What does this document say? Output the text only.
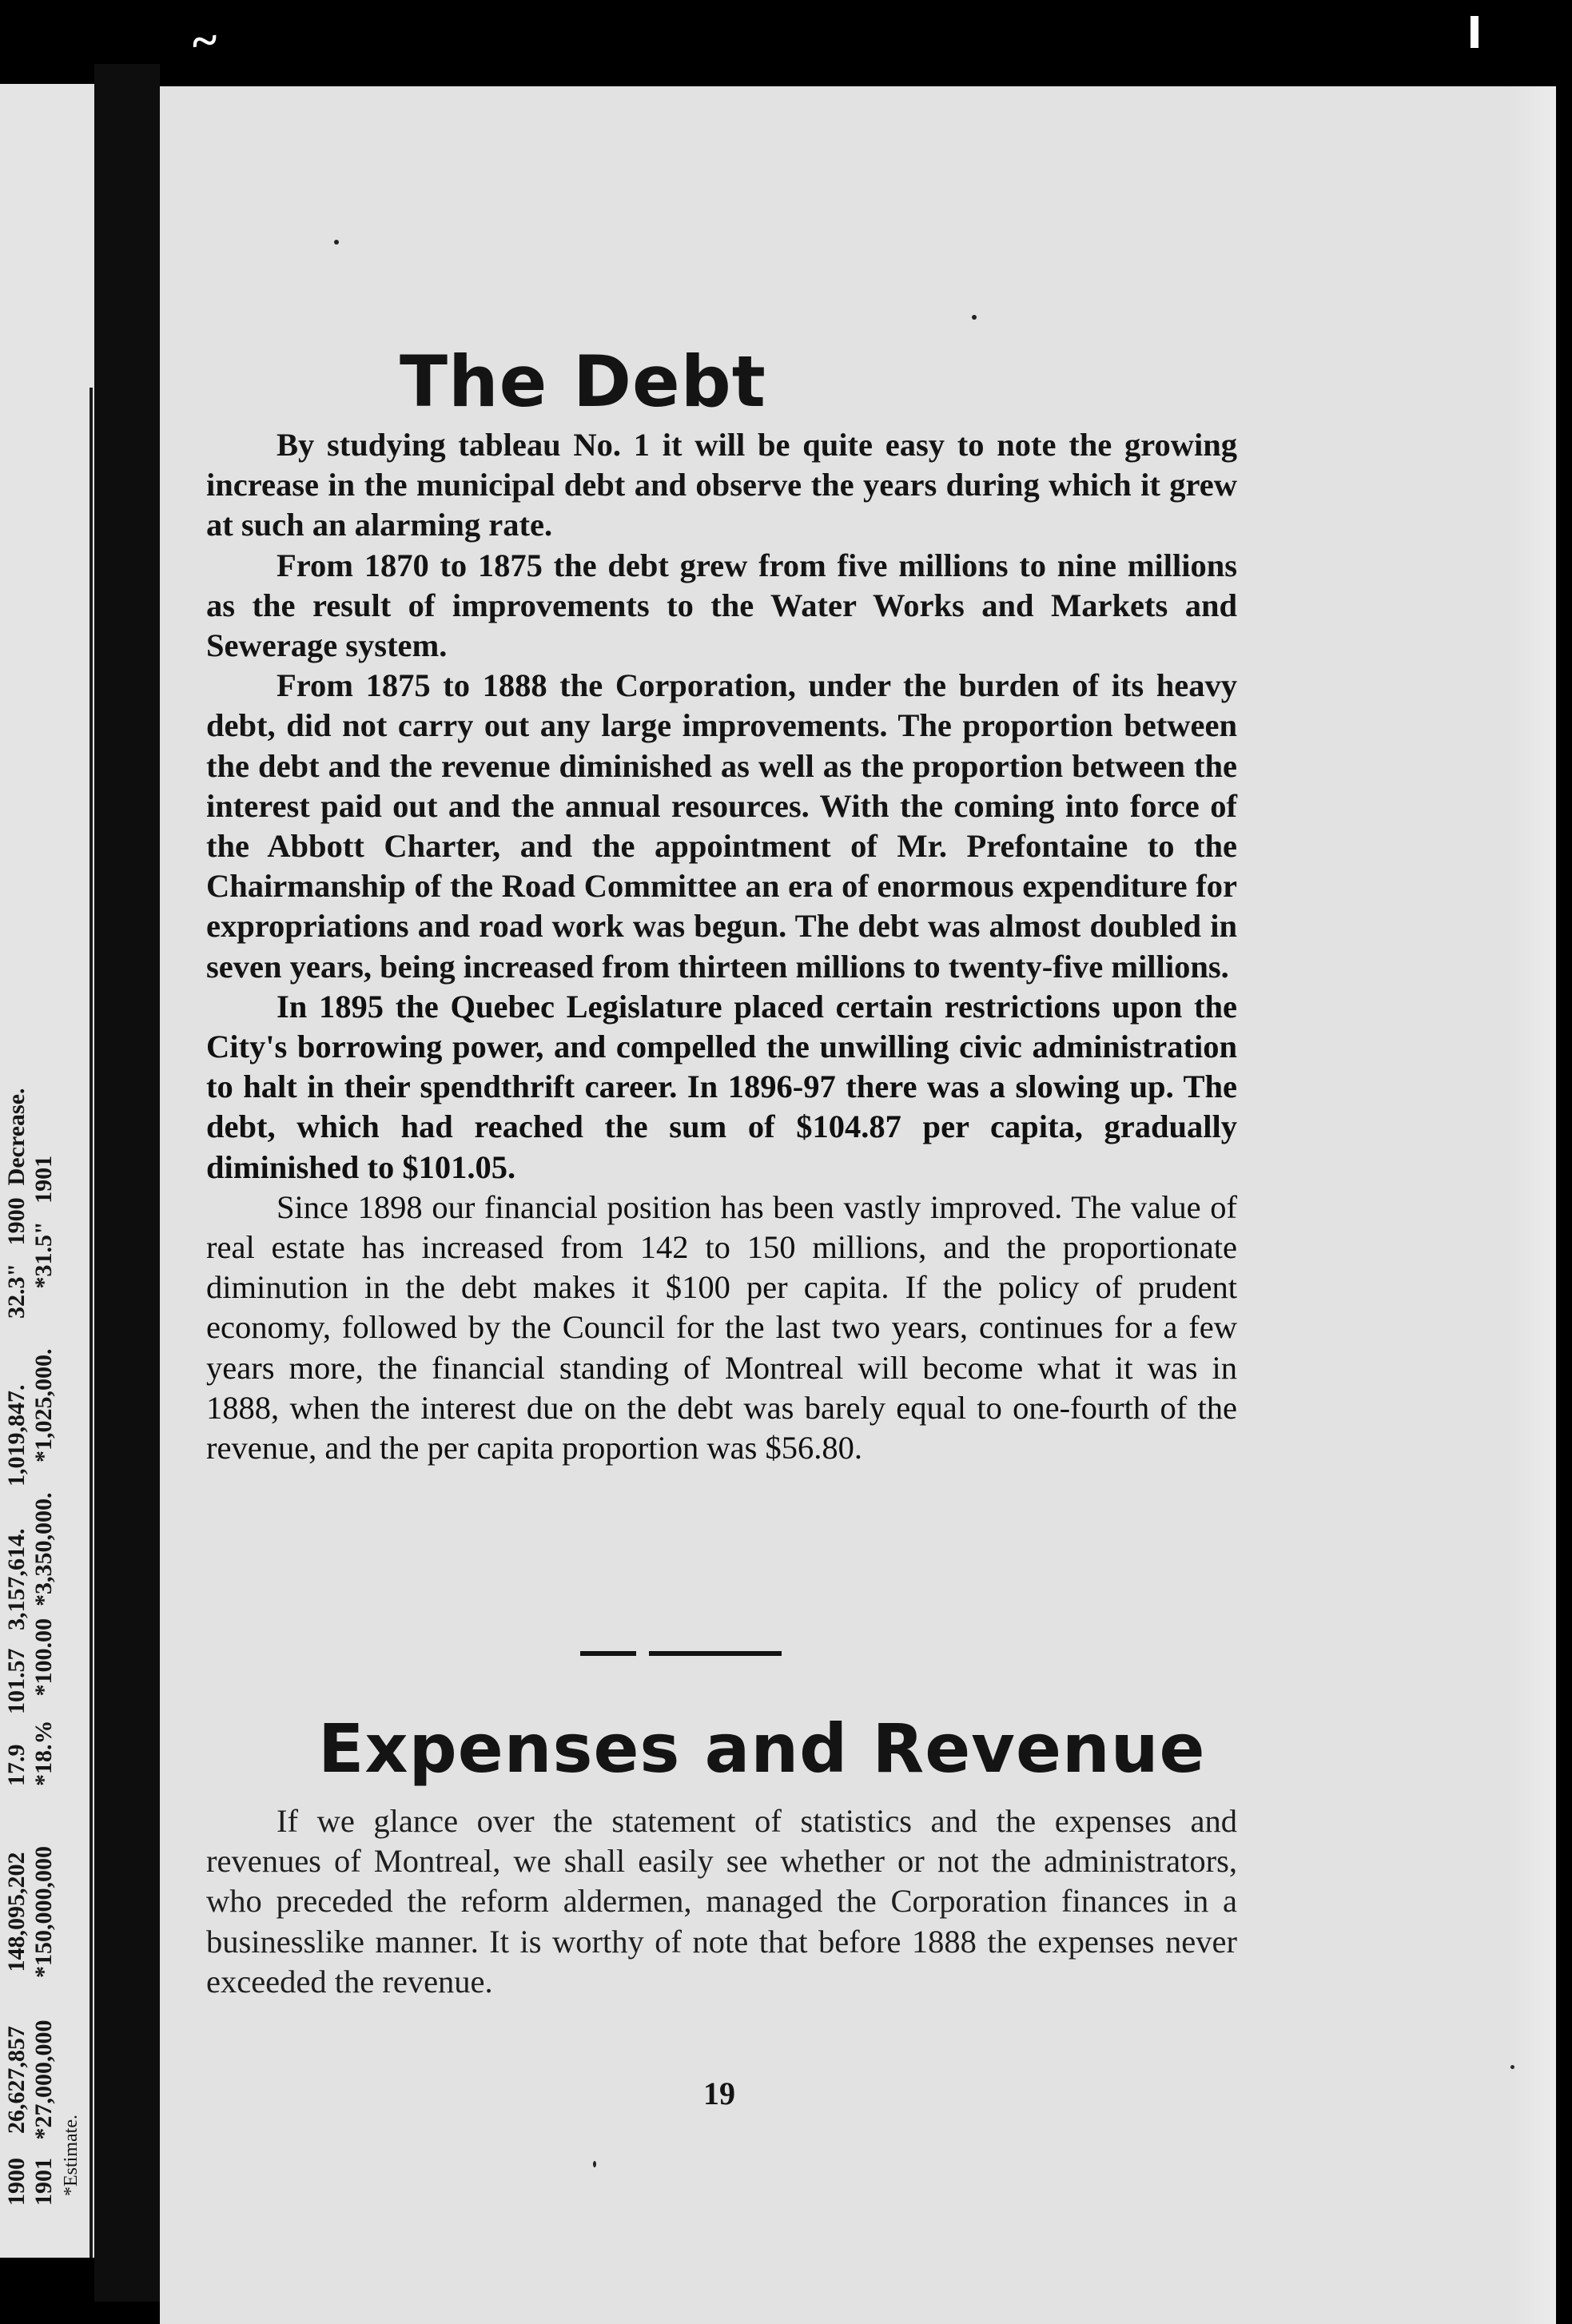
1900    26,627,857         148,095,202           17.9     101.57   3,157,614.       1,019,847.           32.3"   1900  Decrease.
1901   *27,000,000       *150,000,000          *18.%    *100.00  *3,350,000.     *1,025,000.          *31.5"   1901
*Estimate.
~
The Debt

By studying tableau No. 1 it will be quite easy to note the growing increase in the municipal debt and observe the years during which it grew at such an alarming rate.

From 1870 to 1875 the debt grew from five millions to nine millions as the result of improvements to the Water Works and Markets and Sewerage system.

From 1875 to 1888 the Corporation, under the burden of its heavy debt, did not carry out any large improvements. The proportion between the debt and the revenue diminished as well as the proportion between the interest paid out and the annual resources. With the coming into force of the Abbott Charter, and the appointment of Mr. Prefontaine to the Chairmanship of the Road Committee an era of enormous expenditure for expropriations and road work was begun. The debt was almost doubled in seven years, being increased from thirteen millions to twenty-five millions.

In 1895 the Quebec Legislature placed certain restrictions upon the City's borrowing power, and compelled the unwilling civic administration to halt in their spendthrift career. In 1896-97 there was a slowing up. The debt, which had reached the sum of $104.87 per capita, gradually diminished to $101.05.

Since 1898 our financial position has been vastly improved. The value of real estate has increased from 142 to 150 millions, and the proportionate diminution in the debt makes it $100 per capita. If the policy of prudent economy, followed by the Council for the last two years, continues for a few years more, the financial standing of Montreal will become what it was in 1888, when the interest due on the debt was barely equal to one-fourth of the revenue, and the per capita proportion was $56.80.

Expenses and Revenue

If we glance over the statement of statistics and the expenses and revenues of Montreal, we shall easily see whether or not the administrators, who preceded the reform aldermen, managed the Corporation finances in a businesslike manner. It is worthy of note that before 1888 the expenses never exceeded the revenue.

19
